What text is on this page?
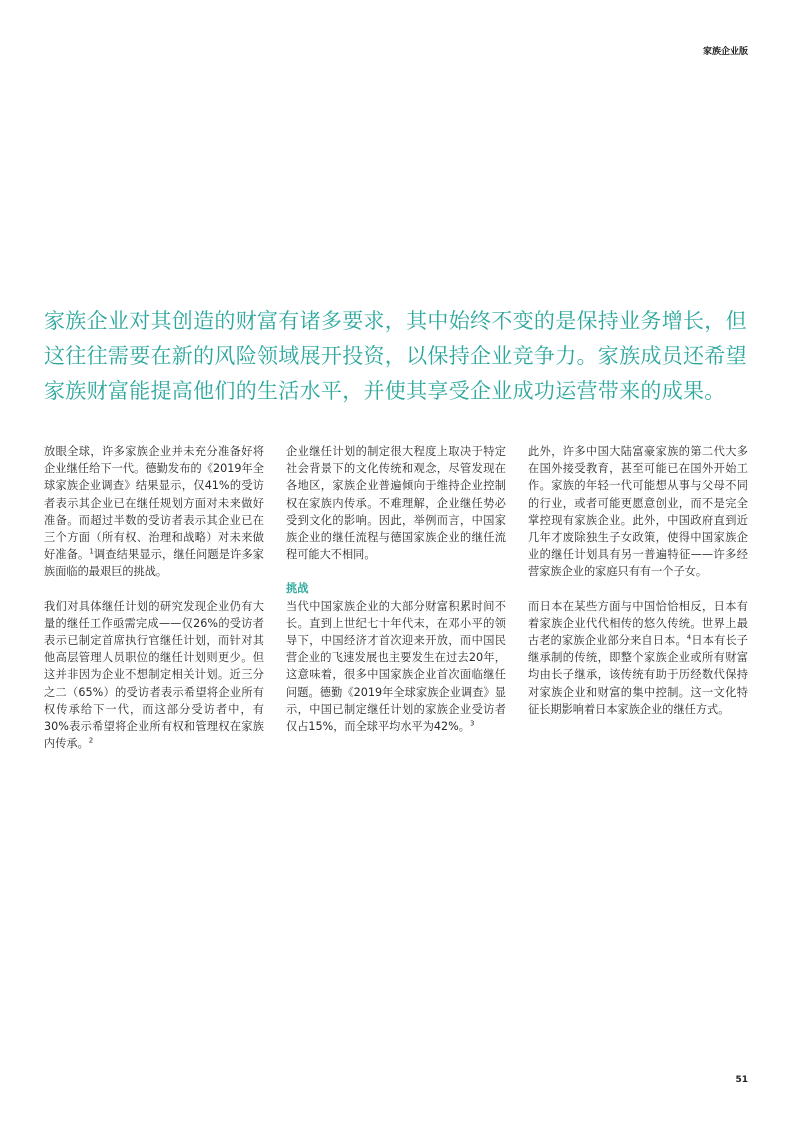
家族企业版
家族企业对其创造的财富有诸多要求，其中始终不变的是保持业务增长，但
这往往需要在新的风险领域展开投资，以保持企业竞争力。家族成员还希望
家族财富能提高他们的生活水平，并使其享受企业成功运营带来的成果。

放眼全球，许多家族企业并未充分准备好将企业继任给下一代。德勤发布的《2019年全球家族企业调查》结果显示，仅41%的受访者表示其企业已在继任规划方面对未来做好准备。而超过半数的受访者表示其企业已在三个方面（所有权、治理和战略）对未来做好准备。$^1$调查结果显示，继任问题是许多家族面临的最艰巨的挑战。

我们对具体继任计划的研究发现企业仍有大量的继任工作亟需完成——仅26%的受访者表示已制定首席执行官继任计划，而针对其他高层管理人员职位的继任计划则更少。但这并非因为企业不想制定相关计划。近三分之二（65%）的受访者表示希望将企业所有权传承给下一代，而这部分受访者中，有30%表示希望将企业所有权和管理权在家族内传承。$^2$

企业继任计划的制定很大程度上取决于特定社会背景下的文化传统和观念，尽管发现在各地区，家族企业普遍倾向于维持企业控制权在家族内传承。不难理解，企业继任势必受到文化的影响。因此，举例而言，中国家族企业的继任流程与德国家族企业的继任流程可能大不相同。

挑战

当代中国家族企业的大部分财富积累时间不长。直到上世纪七十年代末，在邓小平的领导下，中国经济才首次迎来开放，而中国民营企业的飞速发展也主要发生在过去20年，这意味着，很多中国家族企业首次面临继任问题。德勤《2019年全球家族企业调查》显示，中国已制定继任计划的家族企业受访者仅占15%，而全球平均水平为42%。$^3$

此外，许多中国大陆富豪家族的第二代大多在国外接受教育，甚至可能已在国外开始工作。家族的年轻一代可能想从事与父母不同的行业，或者可能更愿意创业，而不是完全掌控现有家族企业。此外，中国政府直到近几年才废除独生子女政策，使得中国家族企业的继任计划具有另一普遍特征——许多经营家族企业的家庭只有有一个子女。

而日本在某些方面与中国恰恰相反，日本有着家族企业代代相传的悠久传统。世界上最古老的家族企业部分来自日本。$^4$日本有长子继承制的传统，即整个家族企业或所有财富均由长子继承，该传统有助于历经数代保持对家族企业和财富的集中控制。这一文化特征长期影响着日本家族企业的继任方式。

51
